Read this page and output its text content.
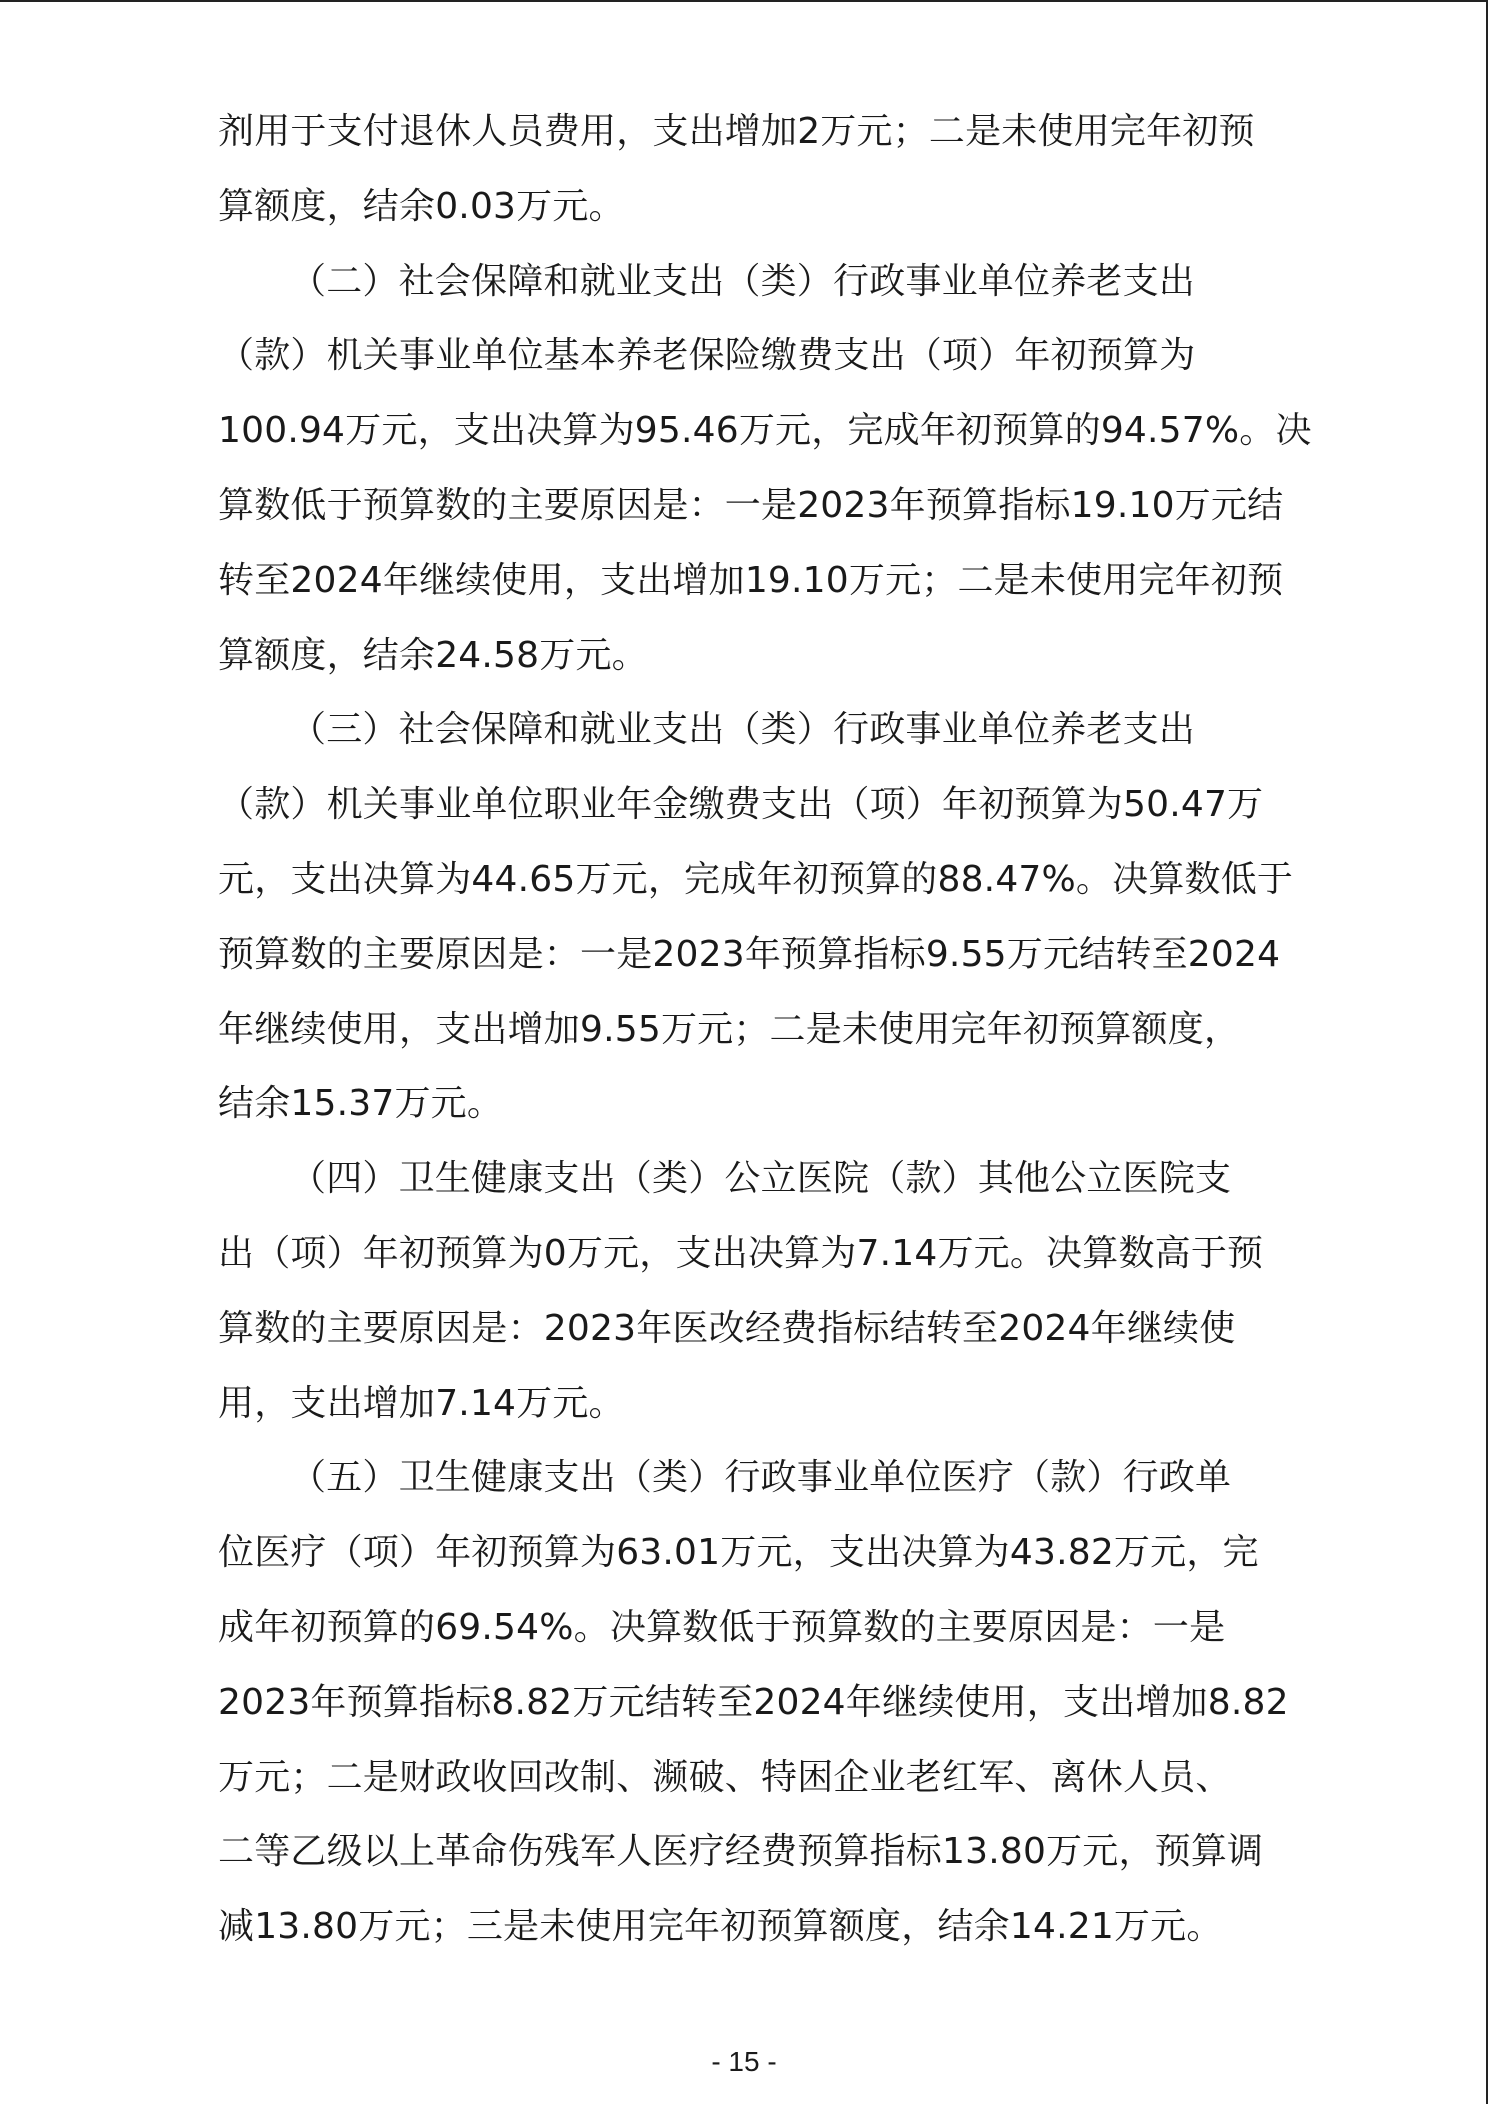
剂用于支付退休人员费用，支出增加2万元；二是未使用完年初预
算额度，结余0.03万元。
（二）社会保障和就业支出（类）行政事业单位养老支出
（款）机关事业单位基本养老保险缴费支出（项）年初预算为
100.94万元，支出决算为95.46万元，完成年初预算的94.57%。决
算数低于预算数的主要原因是：一是2023年预算指标19.10万元结
转至2024年继续使用，支出增加19.10万元；二是未使用完年初预
算额度，结余24.58万元。
（三）社会保障和就业支出（类）行政事业单位养老支出
（款）机关事业单位职业年金缴费支出（项）年初预算为50.47万
元，支出决算为44.65万元，完成年初预算的88.47%。决算数低于
预算数的主要原因是：一是2023年预算指标9.55万元结转至2024
年继续使用，支出增加9.55万元；二是未使用完年初预算额度，
结余15.37万元。
（四）卫生健康支出（类）公立医院（款）其他公立医院支
出（项）年初预算为0万元，支出决算为7.14万元。决算数高于预
算数的主要原因是：2023年医改经费指标结转至2024年继续使
用，支出增加7.14万元。
（五）卫生健康支出（类）行政事业单位医疗（款）行政单
位医疗（项）年初预算为63.01万元，支出决算为43.82万元，完
成年初预算的69.54%。决算数低于预算数的主要原因是：一是
2023年预算指标8.82万元结转至2024年继续使用，支出增加8.82
万元；二是财政收回改制、濒破、特困企业老红军、离休人员、
二等乙级以上革命伤残军人医疗经费预算指标13.80万元，预算调
减13.80万元；三是未使用完年初预算额度，结余14.21万元。
- 15 -
